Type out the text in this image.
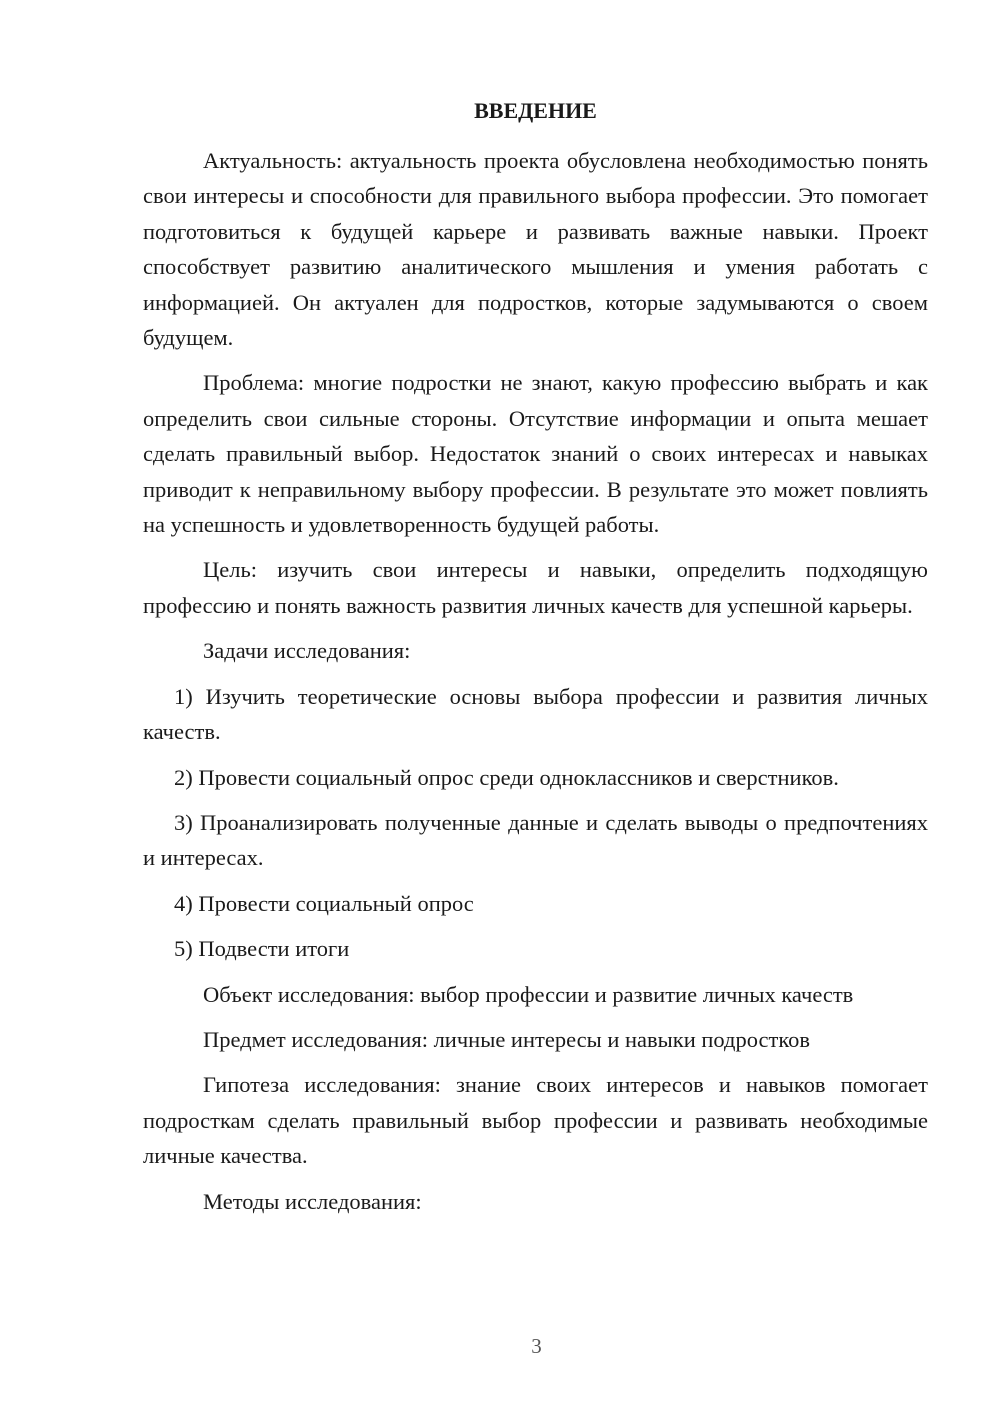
ВВЕДЕНИЕ

Актуальность: актуальность проекта обусловлена необходимостью понять свои интересы и способности для правильного выбора профессии. Это помогает подготовиться к будущей карьере и развивать важные навыки. Проект способствует развитию аналитического мышления и умения работать с информацией. Он актуален для подростков, которые задумываются о своем будущем.

Проблема: многие подростки не знают, какую профессию выбрать и как определить свои сильные стороны. Отсутствие информации и опыта мешает сделать правильный выбор. Недостаток знаний о своих интересах и навыках приводит к неправильному выбору профессии. В результате это может повлиять на успешность и удовлетворенность будущей работы.

Цель: изучить свои интересы и навыки, определить подходящую профессию и понять важность развития личных качеств для успешной карьеры.

Задачи исследования:

1) Изучить теоретические основы выбора профессии и развития личных качеств.

2) Провести социальный опрос среди одноклассников и сверстников.

3) Проанализировать полученные данные и сделать выводы о предпочтениях и интересах.

4) Провести социальный опрос

5) Подвести итоги

Объект исследования: выбор профессии и развитие личных качеств

Предмет исследования: личные интересы и навыки подростков

Гипотеза исследования: знание своих интересов и навыков помогает подросткам сделать правильный выбор профессии и развивать необходимые личные качества.

Методы исследования:

3
